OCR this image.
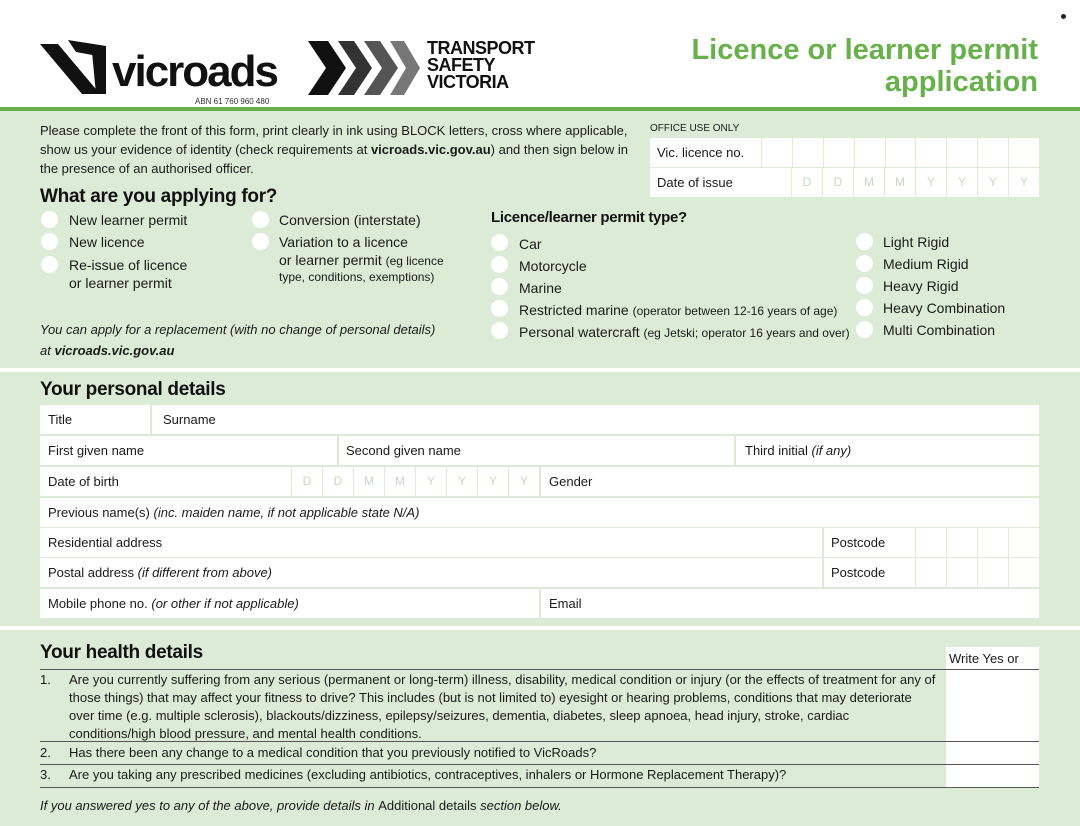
vicroads
ABN 61 760 960 480
TRANSPORT
SAFETY
VICTORIA
Licence or learner permit
application
Please complete the front of this form, print clearly in ink using BLOCK letters, cross where applicable, show us your evidence of identity (check requirements at vicroads.vic.gov.au) and then sign below in the presence of an authorised officer.
OFFICE USE ONLY
Vic. licence no.
Date of issue	D	D	M	M	Y	Y	Y	Y
What are you applying for?
New learner permit
New licence
Re-issue of licence
or learner permit
Conversion (interstate)
Variation to a licence
or learner permit (eg licence
type, conditions, exemptions)
You can apply for a replacement (with no change of personal details)
at vicroads.vic.gov.au
Licence/learner permit type?
Car
Motorcycle
Marine
Restricted marine (operator between 12-16 years of age)
Personal watercraft (eg Jetski; operator 16 years and over)
Light Rigid
Medium Rigid
Heavy Rigid
Heavy Combination
Multi Combination
Your personal details
Title	Surname
First given name	Second given name	Third initial (if any)
Date of birth	D	D	M	M	Y	Y	Y	Y	Gender
Previous name(s) (inc. maiden name, if not applicable state N/A)
Residential address	Postcode
Postal address (if different from above)	Postcode
Mobile phone no. (or other if not applicable)	Email
Your health details	Write Yes or
1. Are you currently suffering from any serious (permanent or long-term) illness, disability, medical condition or injury (or the effects of treatment for any of those things) that may affect your fitness to drive? This includes (but is not limited to) eyesight or hearing problems, conditions that may deteriorate over time (e.g. multiple sclerosis), blackouts/dizziness, epilepsy/seizures, dementia, diabetes, sleep apnoea, head injury, stroke, cardiac conditions/high blood pressure, and mental health conditions.
2. Has there been any change to a medical condition that you previously notified to VicRoads?
3. Are you taking any prescribed medicines (excluding antibiotics, contraceptives, inhalers or Hormone Replacement Therapy)?
If you answered yes to any of the above, provide details in Additional details section below.
